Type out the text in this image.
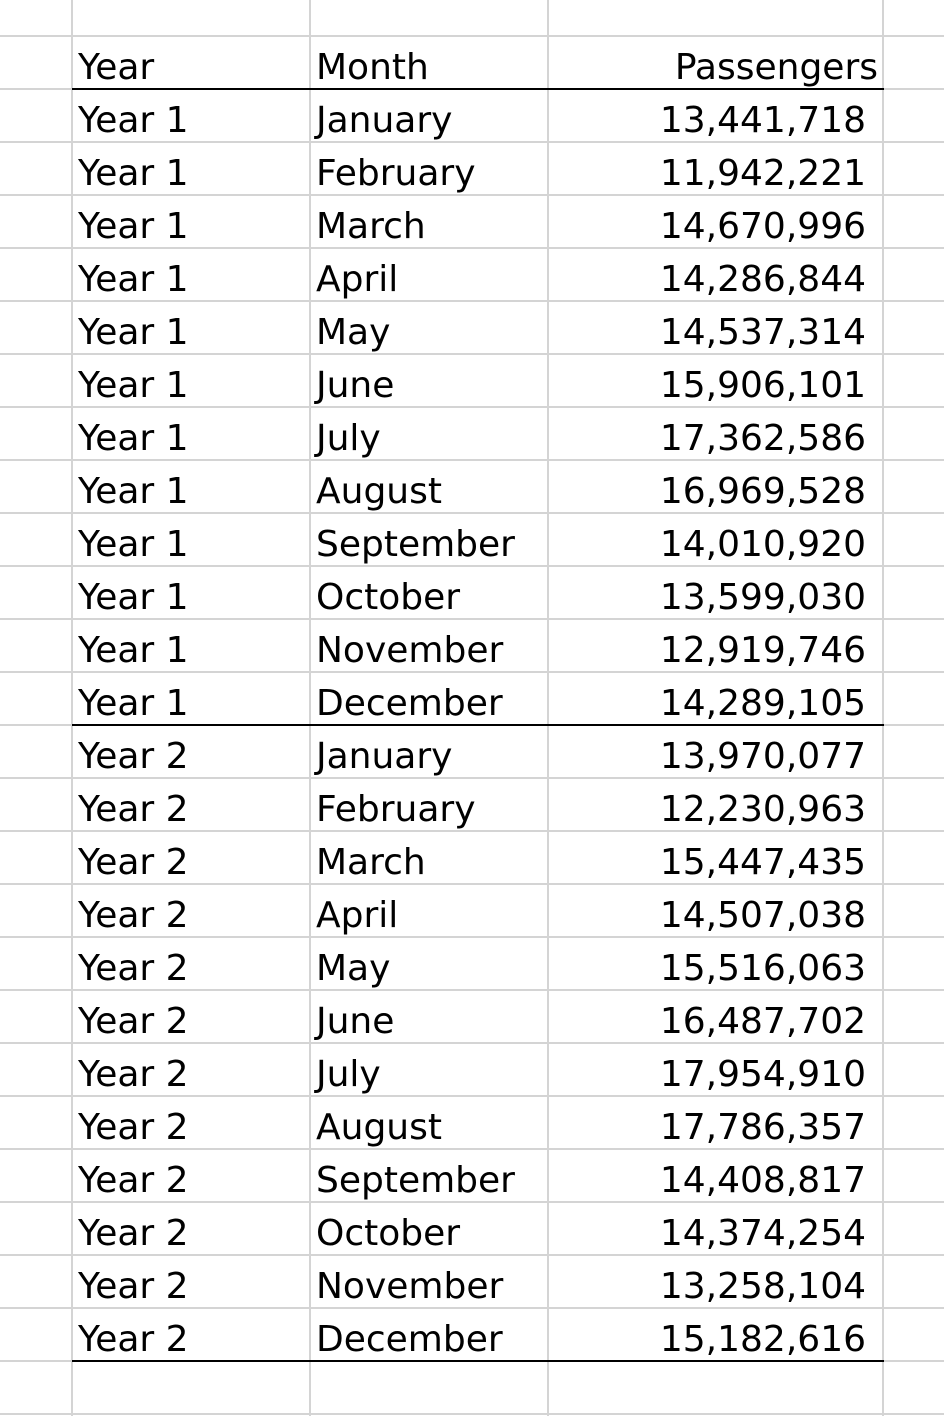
Year	Month	Passengers
Year 1	January	13,441,718
Year 1	February	11,942,221
Year 1	March	14,670,996
Year 1	April	14,286,844
Year 1	May	14,537,314
Year 1	June	15,906,101
Year 1	July	17,362,586
Year 1	August	16,969,528
Year 1	September	14,010,920
Year 1	October	13,599,030
Year 1	November	12,919,746
Year 1	December	14,289,105
Year 2	January	13,970,077
Year 2	February	12,230,963
Year 2	March	15,447,435
Year 2	April	14,507,038
Year 2	May	15,516,063
Year 2	June	16,487,702
Year 2	July	17,954,910
Year 2	August	17,786,357
Year 2	September	14,408,817
Year 2	October	14,374,254
Year 2	November	13,258,104
Year 2	December	15,182,616
